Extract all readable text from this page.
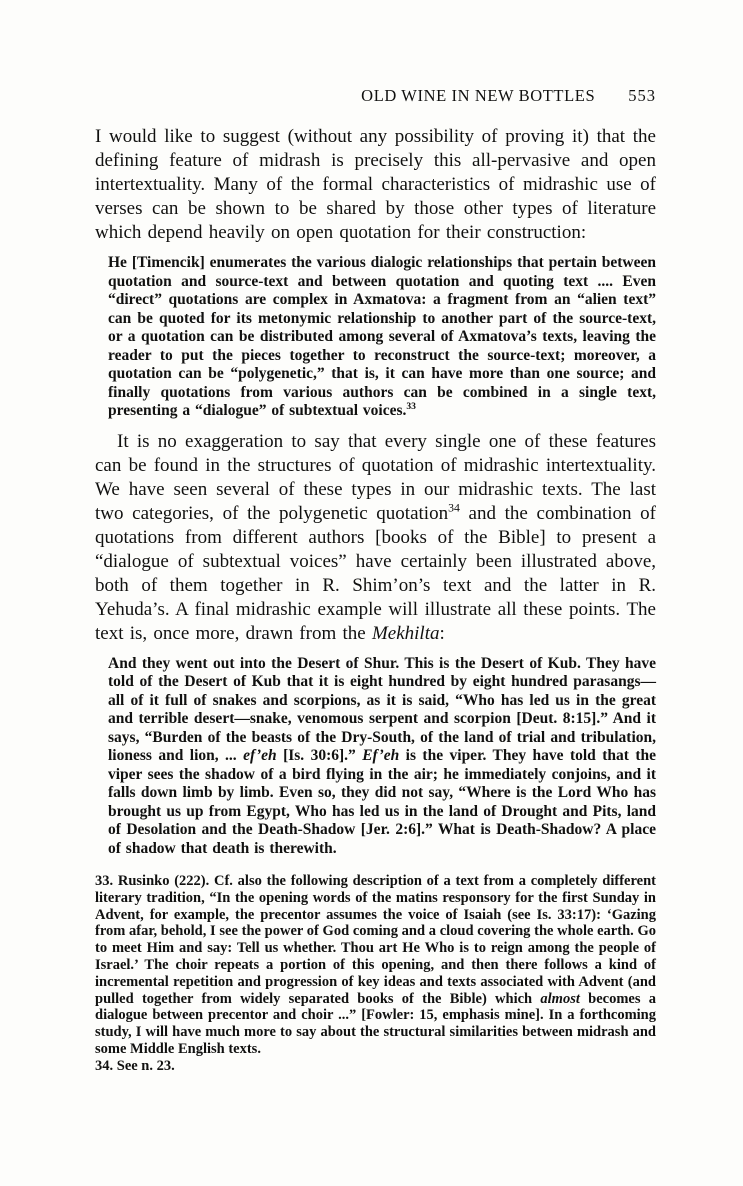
OLD WINE IN NEW BOTTLES 553

I would like to suggest (without any possibility of proving it) that the defining feature of midrash is precisely this all-pervasive and open intertextuality. Many of the formal characteristics of midrashic use of verses can be shown to be shared by those other types of literature which depend heavily on open quotation for their construction:

He [Timencik] enumerates the various dialogic relationships that pertain between quotation and source-text and between quotation and quoting text .... Even “direct” quotations are complex in Axmatova: a fragment from an “alien text” can be quoted for its metonymic relationship to another part of the source-text, or a quotation can be distributed among several of Axmatova’s texts, leaving the reader to put the pieces together to reconstruct the source-text; moreover, a quotation can be “polygenetic,” that is, it can have more than one source; and finally quotations from various authors can be combined in a single text, presenting a “dialogue” of subtextual voices.$^{33}$

It is no exaggeration to say that every single one of these features can be found in the structures of quotation of midrashic intertextuality. We have seen several of these types in our midrashic texts. The last two categories, of the polygenetic quotation$^{34}$ and the combination of quotations from different authors [books of the Bible] to present a “dialogue of subtextual voices” have certainly been illustrated above, both of them together in R. Shim’on’s text and the latter in R. Yehuda’s. A final midrashic example will illustrate all these points. The text is, once more, drawn from the Mekhilta:

And they went out into the Desert of Shur. This is the Desert of Kub. They have told of the Desert of Kub that it is eight hundred by eight hundred parasangs—all of it full of snakes and scorpions, as it is said, “Who has led us in the great and terrible desert—snake, venomous serpent and scorpion [Deut. 8:15].” And it says, “Burden of the beasts of the Dry-South, of the land of trial and tribulation, lioness and lion, ... ef’eh [Is. 30:6].” Ef’eh is the viper. They have told that the viper sees the shadow of a bird flying in the air; he immediately conjoins, and it falls down limb by limb. Even so, they did not say, “Where is the Lord Who has brought us up from Egypt, Who has led us in the land of Drought and Pits, land of Desolation and the Death-Shadow [Jer. 2:6].” What is Death-Shadow? A place of shadow that death is therewith.

33. Rusinko (222). Cf. also the following description of a text from a completely different literary tradition, “In the opening words of the matins responsory for the first Sunday in Advent, for example, the precentor assumes the voice of Isaiah (see Is. 33:17): ‘Gazing from afar, behold, I see the power of God coming and a cloud covering the whole earth. Go to meet Him and say: Tell us whether. Thou art He Who is to reign among the people of Israel.’ The choir repeats a portion of this opening, and then there follows a kind of incremental repetition and progression of key ideas and texts associated with Advent (and pulled together from widely separated books of the Bible) which almost becomes a dialogue between precentor and choir ...” [Fowler: 15, emphasis mine]. In a forthcoming study, I will have much more to say about the structural similarities between midrash and some Middle English texts.

34. See n. 23.
